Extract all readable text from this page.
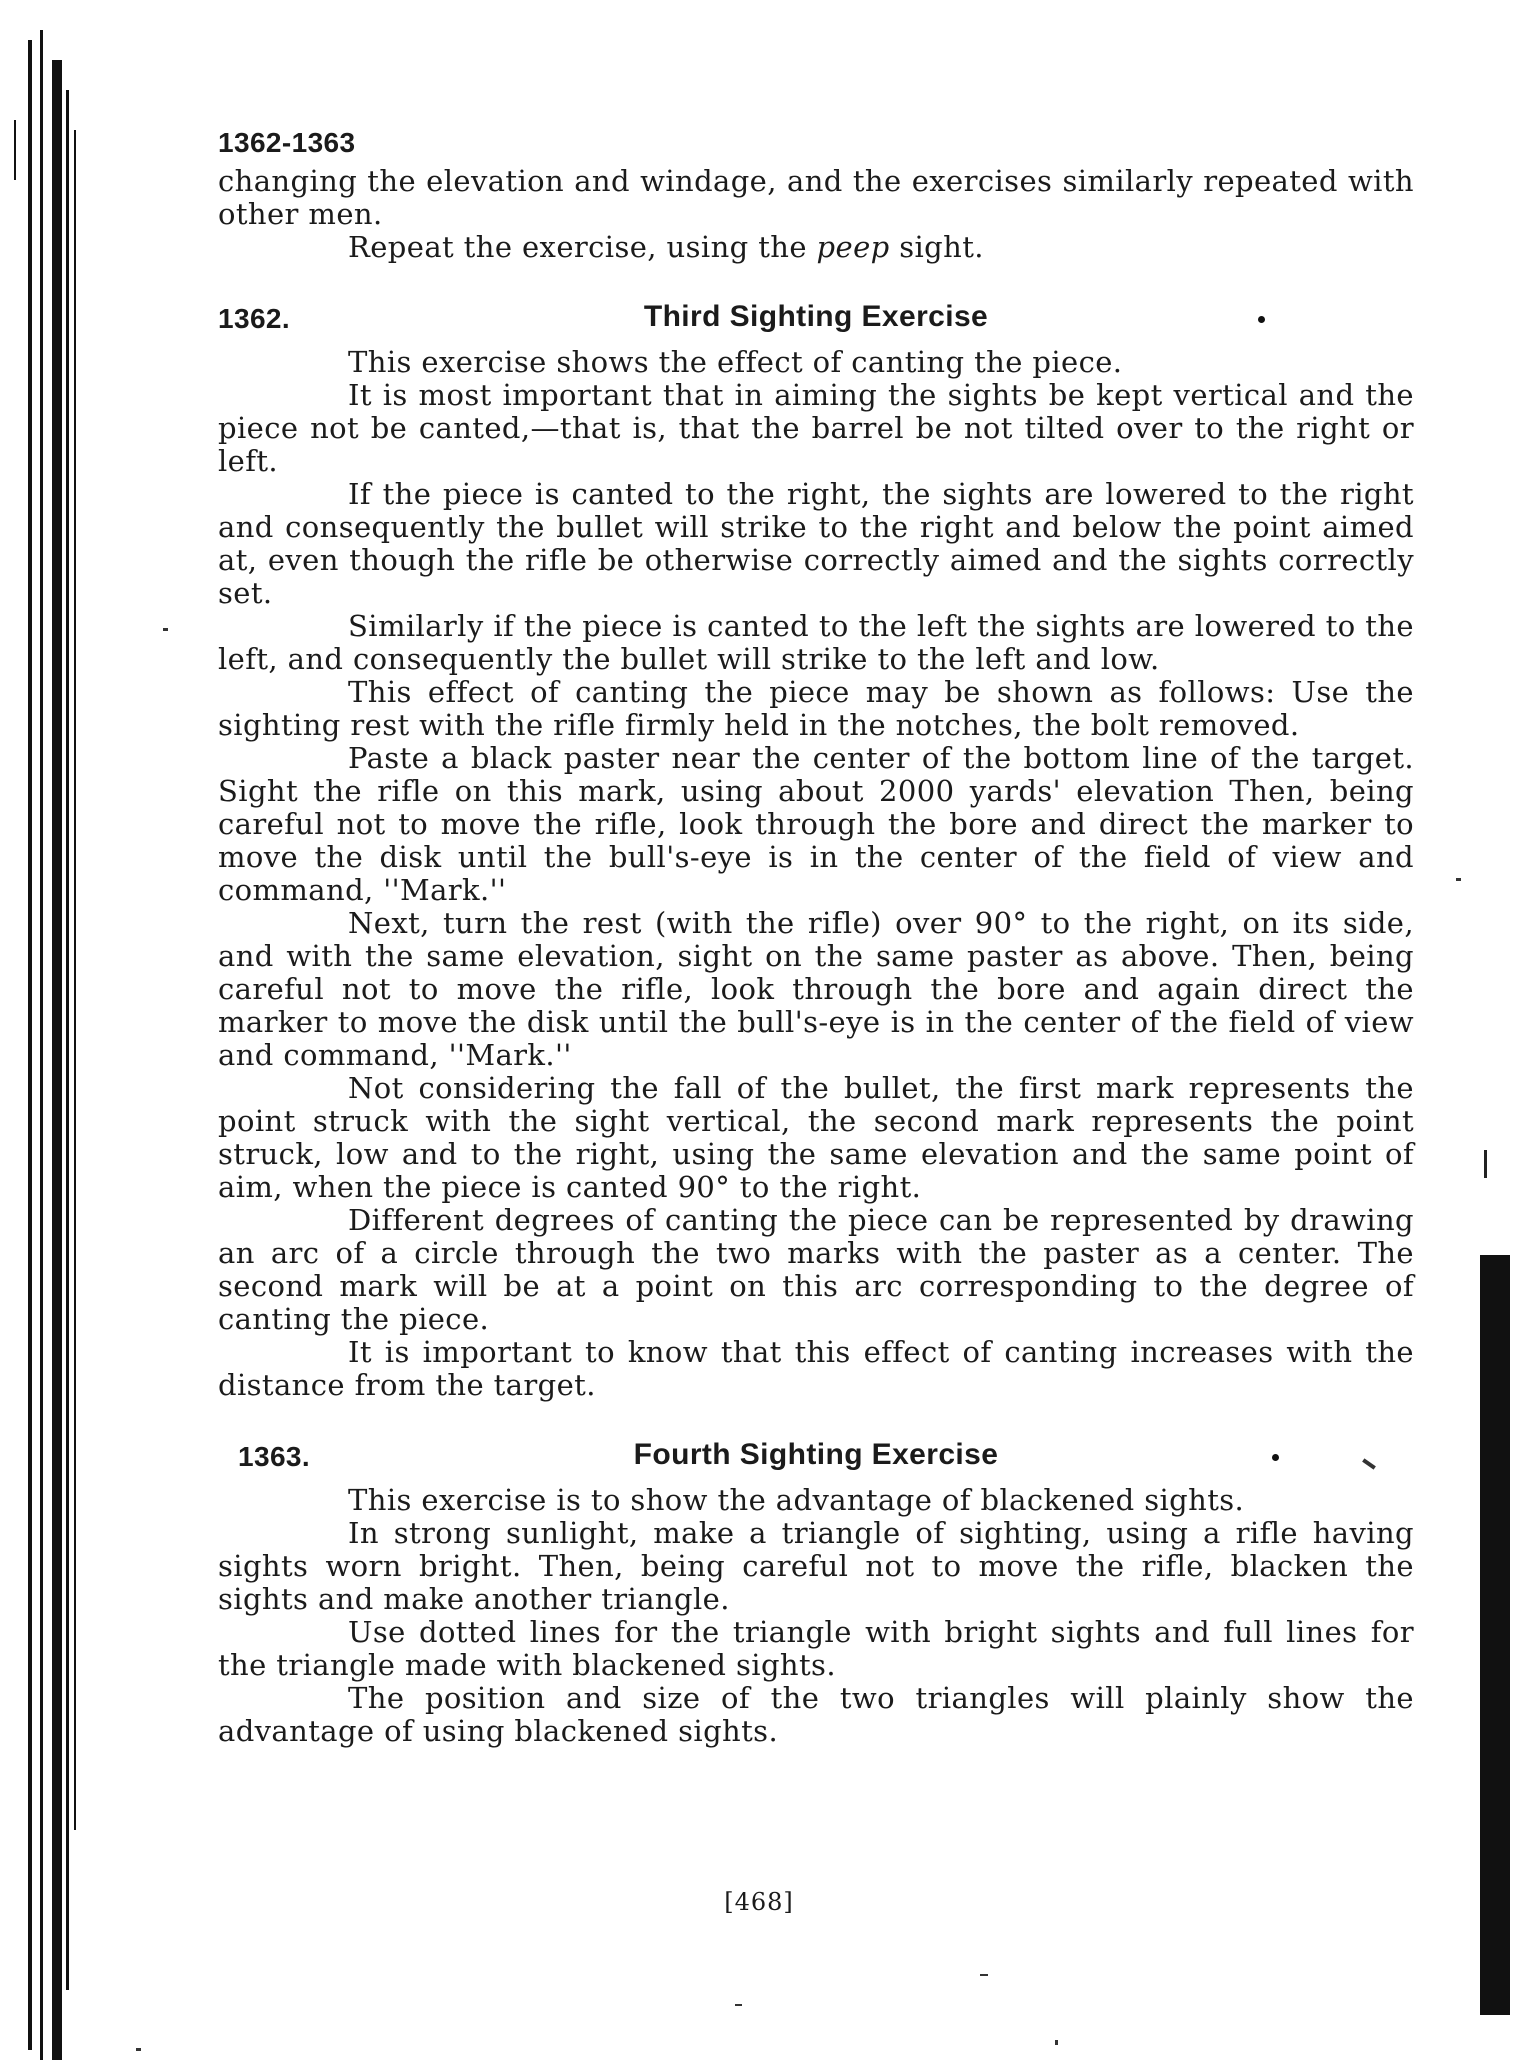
1362-1363

changing the elevation and windage, and the exercises similarly repeated with other men.

Repeat the exercise, using the peep sight.

1362.	Third Sighting Exercise

This exercise shows the effect of canting the piece.

It is most important that in aiming the sights be kept vertical and the piece not be canted,—that is, that the barrel be not tilted over to the right or left.

If the piece is canted to the right, the sights are lowered to the right and consequently the bullet will strike to the right and below the point aimed at, even though the rifle be otherwise correctly aimed and the sights correctly set.

Similarly if the piece is canted to the left the sights are lowered to the left, and consequently the bullet will strike to the left and low.

This effect of canting the piece may be shown as follows: Use the sighting rest with the rifle firmly held in the notches, the bolt removed.

Paste a black paster near the center of the bottom line of the target. Sight the rifle on this mark, using about 2000 yards' elevation Then, being careful not to move the rifle, look through the bore and direct the marker to move the disk until the bull's-eye is in the center of the field of view and command, ''Mark.''

Next, turn the rest (with the rifle) over 90° to the right, on its side, and with the same elevation, sight on the same paster as above. Then, being careful not to move the rifle, look through the bore and again direct the marker to move the disk until the bull's-eye is in the center of the field of view and command, ''Mark.''

Not considering the fall of the bullet, the first mark represents the point struck with the sight vertical, the second mark represents the point struck, low and to the right, using the same elevation and the same point of aim, when the piece is canted 90° to the right.

Different degrees of canting the piece can be represented by drawing an arc of a circle through the two marks with the paster as a center. The second mark will be at a point on this arc corresponding to the degree of canting the piece.

It is important to know that this effect of canting increases with the distance from the target.

1363.	Fourth Sighting Exercise

This exercise is to show the advantage of blackened sights.

In strong sunlight, make a triangle of sighting, using a rifle having sights worn bright. Then, being careful not to move the rifle, blacken the sights and make another triangle.

Use dotted lines for the triangle with bright sights and full lines for the triangle made with blackened sights.

The position and size of the two triangles will plainly show the advantage of using blackened sights.

[468]
